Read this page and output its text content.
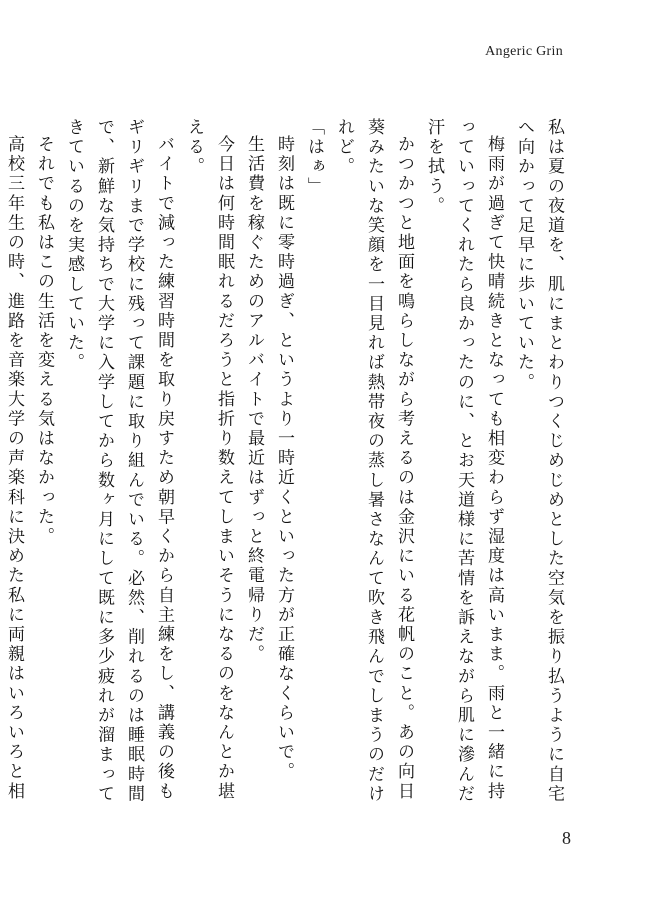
Angeric Grin

私は夏の夜道を、肌にまとわりつくじめじめとした空気を振り払うように自宅へ向かって足早に歩いていた。

梅雨が過ぎて快晴続きとなっても相変わらず湿度は高いまま。雨と一緒に持っていってくれたら良かったのに、とお天道様に苦情を訴えながら肌に滲んだ汗を拭う。

かつかつと地面を鳴らしながら考えるのは金沢にいる花帆のこと。あの向日葵みたいな笑顔を一目見れば熱帯夜の蒸し暑さなんて吹き飛んでしまうのだけれど。

「はぁ」

時刻は既に零時過ぎ、というより一時近くといった方が正確なくらいで。

生活費を稼ぐためのアルバイトで最近はずっと終電帰りだ。

今日は何時間眠れるだろうと指折り数えてしまいそうになるのをなんとか堪える。

バイトで減った練習時間を取り戻すため朝早くから自主練をし、講義の後もギリギリまで学校に残って課題に取り組んでいる。必然、削れるのは睡眠時間で、新鮮な気持ちで大学に入学してから数ヶ月にして既に多少疲れが溜まってきているのを実感していた。

それでも私はこの生活を変える気はなかった。

高校三年生の時、進路を音楽大学の声楽科に決めた私に両親はいろいろと相

8
